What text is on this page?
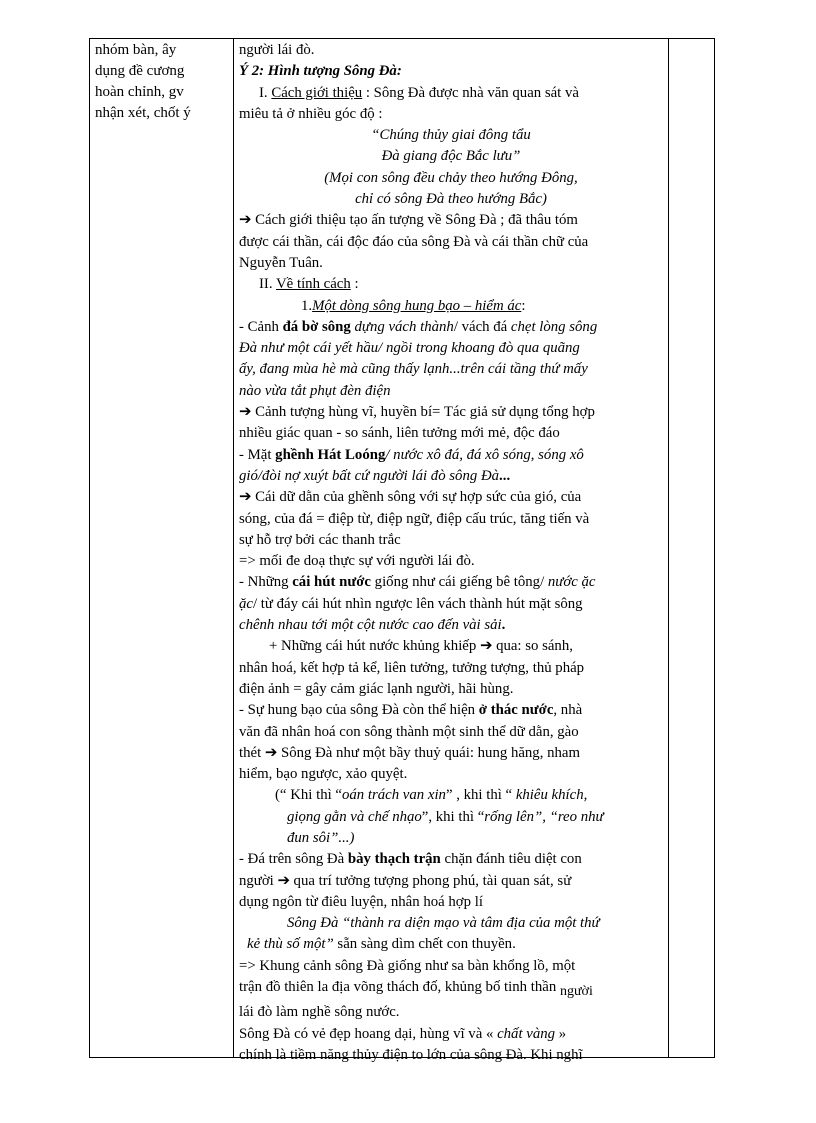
nhóm bàn, ây
dụng đề cương
hoàn chỉnh, gv
nhận xét, chốt ý
người lái đò.
Ý 2: Hình tượng Sông Đà:
I. Cách giới thiệu : Sông Đà được nhà văn quan sát và
miêu tả ở nhiều góc độ :
“Chúng thủy giai đông tẩu
Đà giang độc Bắc lưu”
(Mọi con sông đều chảy theo hướng Đông,
chỉ có sông Đà theo hướng Bắc)
➔ Cách giới thiệu tạo ấn tượng về Sông Đà ; đã thâu tóm
được cái thần, cái độc đáo của sông Đà và cái thần chữ của
Nguyễn Tuân.
II. Về tính cách :
1.Một dòng sông hung bạo – hiểm ác:
- Cảnh đá bờ sông dựng vách thành/ vách đá chẹt lòng sông
Đà như một cái yết hầu/ ngồi trong khoang đò qua quãng
ấy, đang mùa hè mà cũng thấy lạnh...trên cái tầng thứ mấy
nào vừa tắt phụt đèn điện
➔ Cảnh tượng hùng vĩ, huyền bí= Tác giả sử dụng tổng hợp
nhiều giác quan - so sánh, liên tưởng mới mẻ, độc đáo
- Mặt ghềnh Hát Loóng/ nước xô đá, đá xô sóng, sóng xô
gió/đòi nợ xuýt bất cứ người lái đò sông Đà...
➔ Cái dữ dằn của ghềnh sông với sự hợp sức của gió, của
sóng, của đá = điệp từ, điệp ngữ, điệp cấu trúc, tăng tiến và
sự hỗ trợ bởi các thanh trắc
=> mối đe doạ thực sự với người lái đò.
- Những cái hút nước giống như cái giếng bê tông/ nước ặc
ặc/ từ đáy cái hút nhìn ngược lên vách thành hút mặt sông
chênh nhau tới một cột nước cao đến vài sải.
+ Những cái hút nước khủng khiếp ➔ qua: so sánh,
nhân hoá, kết hợp tả kể, liên tưởng, tưởng tượng, thủ pháp
điện ảnh = gây cảm giác lạnh người, hãi hùng.
- Sự hung bạo của sông Đà còn thể hiện ở thác nước, nhà
văn đã nhân hoá con sông thành một sinh thể dữ dằn, gào
thét ➔ Sông Đà như một bầy thuỷ quái: hung hăng, nham
hiểm, bạo ngược, xảo quyệt.
(“ Khi thì “oán trách van xin” , khi thì “ khiêu khích,
giọng gằn và chế nhạo”, khi thì “rống lên”, “reo như
đun sôi”...)
- Đá trên sông Đà bày thạch trận chặn đánh tiêu diệt con
người ➔ qua trí tưởng tượng phong phú, tài quan sát, sử
dụng ngôn từ điêu luyện, nhân hoá hợp lí
Sông Đà “thành ra diện mạo và tâm địa của một thứ
kẻ thù số một” sẵn sàng dìm chết con thuyền.
=> Khung cảnh sông Đà giống như sa bàn khổng lồ, một
trận đồ thiên la địa võng thách đố, khủng bố tinh thần người
lái đò làm nghề sông nước.
Sông Đà có vẻ đẹp hoang dại, hùng vĩ và « chất vàng »
chính là tiềm năng thủy điện to lớn của sông Đà. Khi nghĩ
